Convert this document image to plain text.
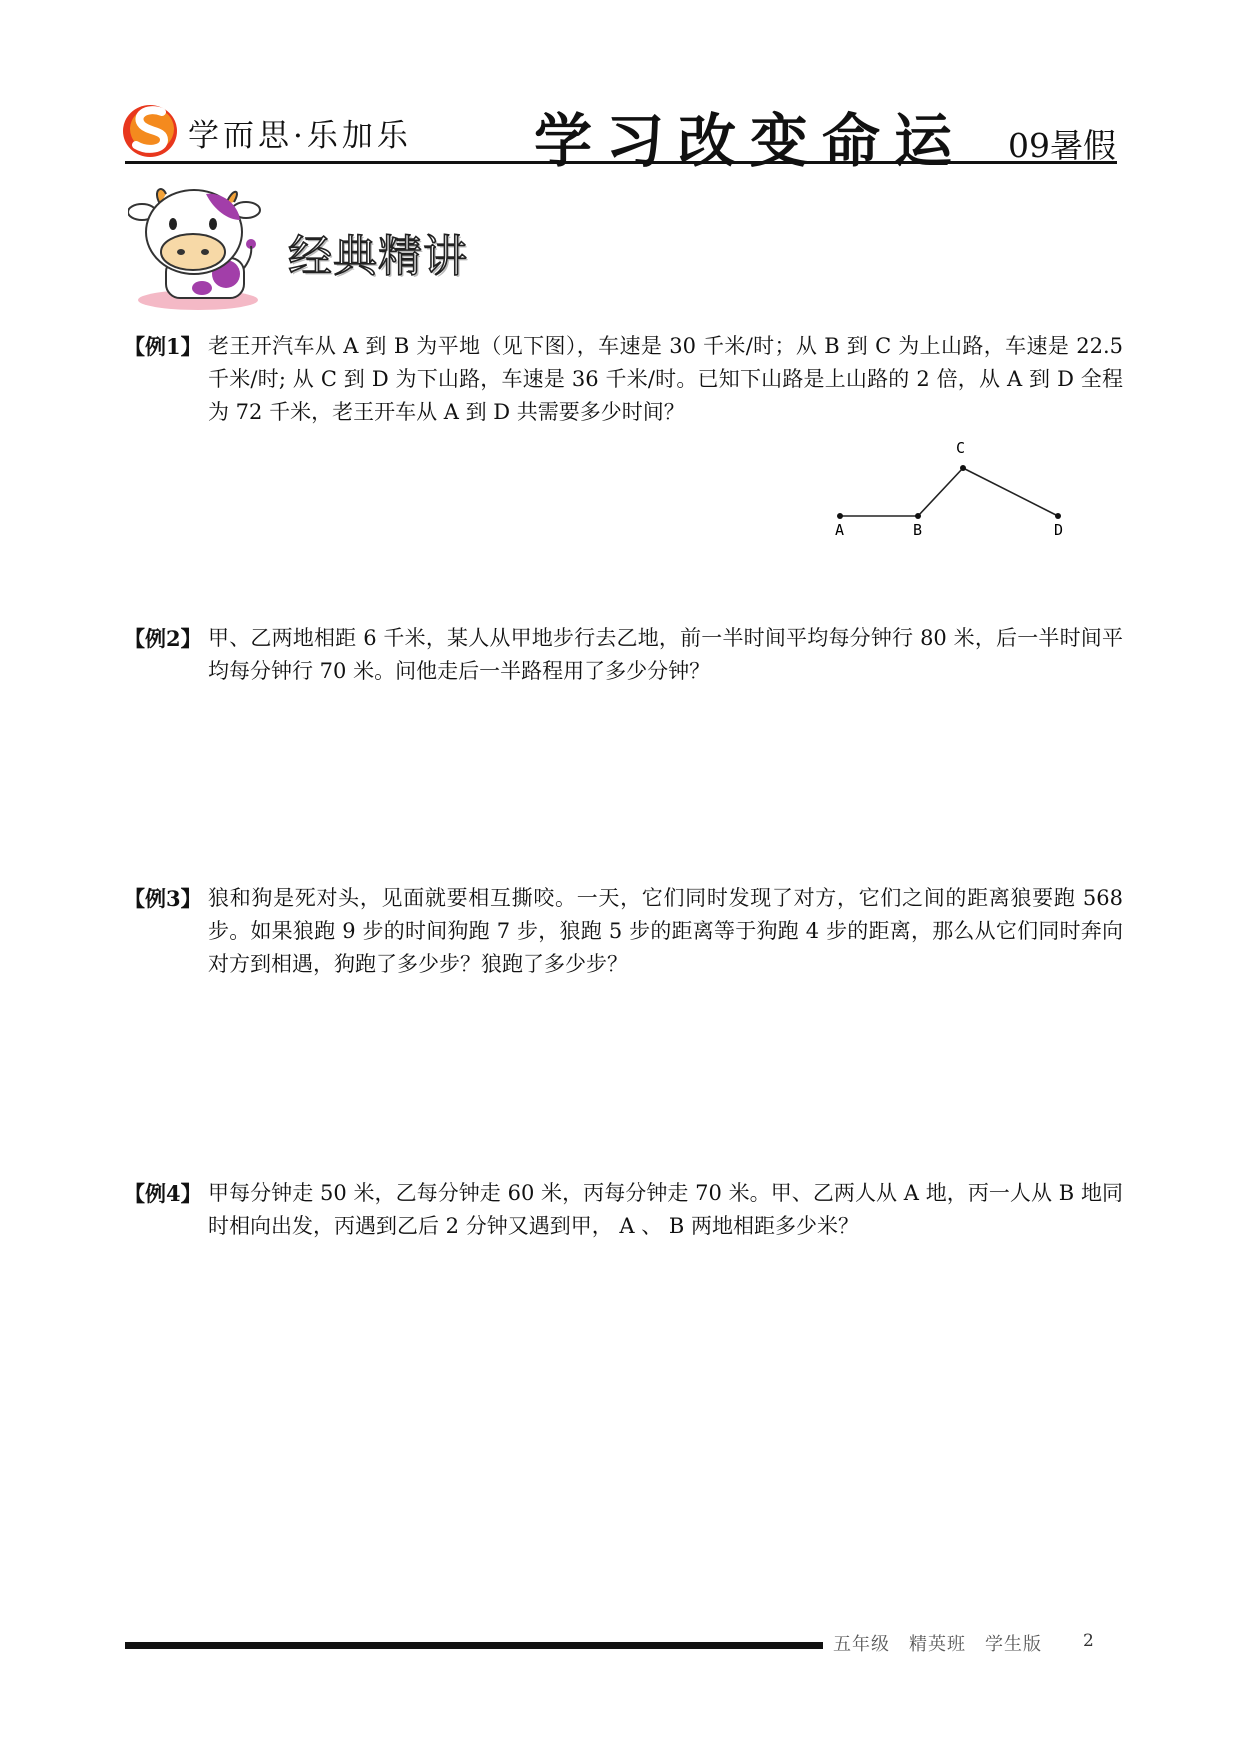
学而思·乐加乐 学习改变命运 09暑假
经典精讲
【例1】 老王开汽车从 A 到 B 为平地（见下图），车速是 30 千米/时；从 B 到 C 为上山路，车速是 22.5 千米/时; 从 C 到 D 为下山路，车速是 36 千米/时。已知下山路是上山路的 2 倍，从 A 到 D 全程为 72 千米，老王开车从 A 到 D 共需要多少时间？
A	B
C
D
【例2】 甲、乙两地相距 6 千米，某人从甲地步行去乙地，前一半时间平均每分钟行 80 米，后一半时间平均每分钟行 70 米。问他走后一半路程用了多少分钟？
【例3】 狼和狗是死对头，见面就要相互撕咬。一天，它们同时发现了对方，它们之间的距离狼要跑 568 步。如果狼跑 9 步的时间狗跑 7 步，狼跑 5 步的距离等于狗跑 4 步的距离，那么从它们同时奔向对方到相遇，狗跑了多少步？狼跑了多少步？
【例4】 甲每分钟走 50 米，乙每分钟走 60 米，丙每分钟走 70 米。甲、乙两人从 A 地，丙一人从 B 地同时相向出发，丙遇到乙后 2 分钟又遇到甲， A 、 B 两地相距多少米？
五年级　精英班　学生版 2
